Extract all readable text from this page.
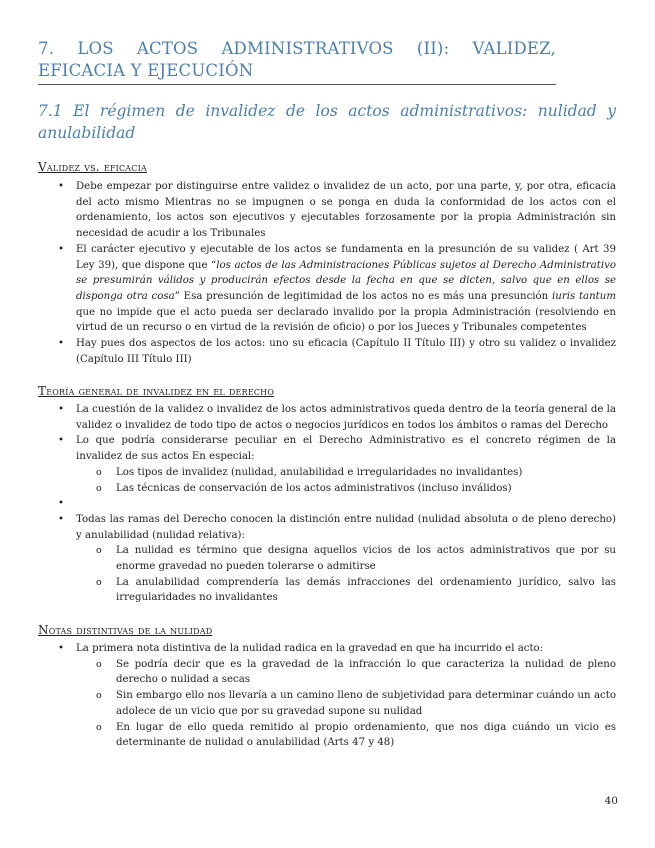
7. LOS ACTOS ADMINISTRATIVOS (II): VALIDEZ, EFICACIA Y EJECUCIÓN
7.1 El régimen de invalidez de los actos administrativos: nulidad y anulabilidad
Validez vs. eficacia
• Debe empezar por distinguirse entre validez o invalidez de un acto, por una parte, y, por otra, eficacia del acto mismo Mientras no se impugnen o se ponga en duda la conformidad de los actos con el ordenamiento, los actos son ejecutivos y ejecutables forzosamente por la propia Administración sin necesidad de acudir a los Tribunales
• El carácter ejecutivo y ejecutable de los actos se fundamenta en la presunción de su validez ( Art 39 Ley 39), que dispone que “los actos de las Administraciones Públicas sujetos al Derecho Administrativo se presumirán válidos y producirán efectos desde la fecha en que se dicten, salvo que en ellos se disponga otra cosa” Esa presunción de legitimidad de los actos no es más una presunción iuris tantum que no impide que el acto pueda ser declarado invalido por la propia Administración (resolviendo en virtud de un recurso o en virtud de la revisión de oficio) o por los Jueces y Tribunales competentes
• Hay pues dos aspectos de los actos: uno su eficacia (Capítulo II Título III) y otro su validez o invalidez (Capítulo III Título III)
Teoría general de invalidez en el derecho
• La cuestión de la validez o invalidez de los actos administrativos queda dentro de la teoría general de la validez o invalidez de todo tipo de actos o negocios jurídicos en todos los ámbitos o ramas del Derecho
• Lo que podría considerarse peculiar en el Derecho Administrativo es el concreto régimen de la invalidez de sus actos En especial:
o Los tipos de invalidez (nulidad, anulabilidad e irregularidades no invalidantes)
o Las técnicas de conservación de los actos administrativos (incluso inválidos)
•
• Todas las ramas del Derecho conocen la distinción entre nulidad (nulidad absoluta o de pleno derecho) y anulabilidad (nulidad relativa):
o La nulidad es término que designa aquellos vicios de los actos administrativos que por su enorme gravedad no pueden tolerarse o admitirse
o La anulabilidad comprendería las demás infracciones del ordenamiento jurídico, salvo las irregularidades no invalidantes
Notas distintivas de la nulidad
• La primera nota distintiva de la nulidad radica en la gravedad en que ha incurrido el acto:
o Se podría decir que es la gravedad de la infracción lo que caracteriza la nulidad de pleno derecho o nulidad a secas
o Sin embargo ello nos llevaría a un camino lleno de subjetividad para determinar cuándo un acto adolece de un vicio que por su gravedad supone su nulidad
o En lugar de ello queda remitido al propio ordenamiento, que nos diga cuándo un vicio es determinante de nulidad o anulabilidad (Arts 47 y 48)
40
